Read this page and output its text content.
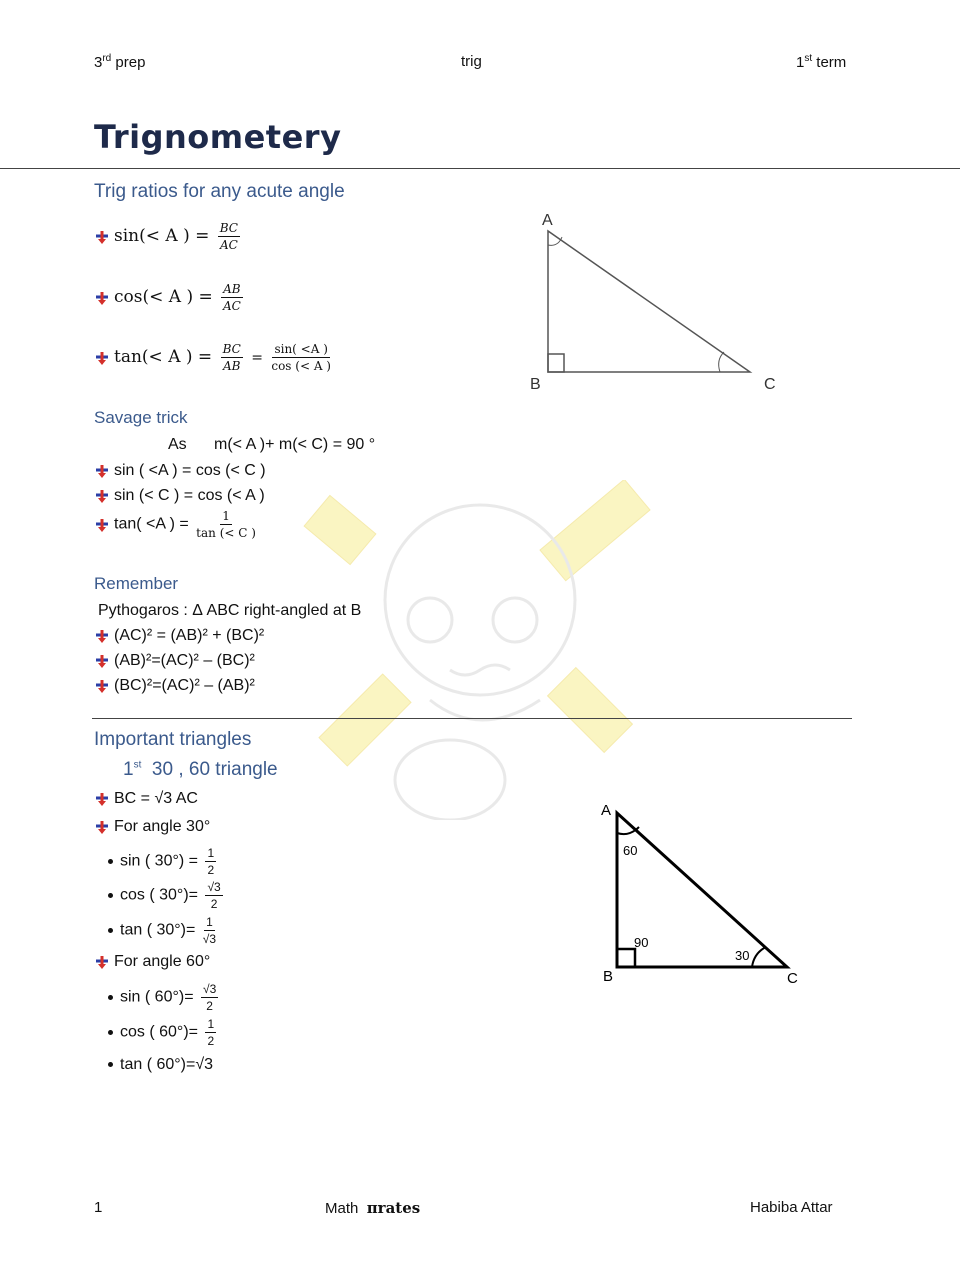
3rd prep	trig	1st term
Trignometery
Trig ratios for any acute angle
sin(< A ) = $\frac{BC}{AC}$
cos(< A ) = $\frac{AB}{AC}$
tan(< A ) = $\frac{BC}{AB} = \frac{\sin( <A )}{\cos (< A )}$
A
B	C
Savage trick
As m(< A )+ m(< C) = 90 °
sin ( <A ) = cos (< C )
sin (< C ) = cos (< A )
tan( <A ) = $\frac{1}{\tan (< C )}$
Remember
Pythogaros : Δ ABC right-angled at B
(AC)² = (AB)² + (BC)²
(AB)²=(AC)² – (BC)²
(BC)²=(AC)² – (AB)²
Important triangles
1st 30 , 60 triangle
BC = √3 AC
For angle 30°
sin ( $30^\circ) = \frac{1}{2}$
cos ( $30^\circ)= \frac{√3}{2}$
tan ( $30^\circ)= \frac{1}{√3}$
For angle 60°
sin ( $60^\circ)= \frac{√3}{2}$
cos ( $60^\circ)= \frac{1}{2}$
tan ( 60°)=√3
A
B	C
60
90
30
1	Math πrates	Habiba Attar
